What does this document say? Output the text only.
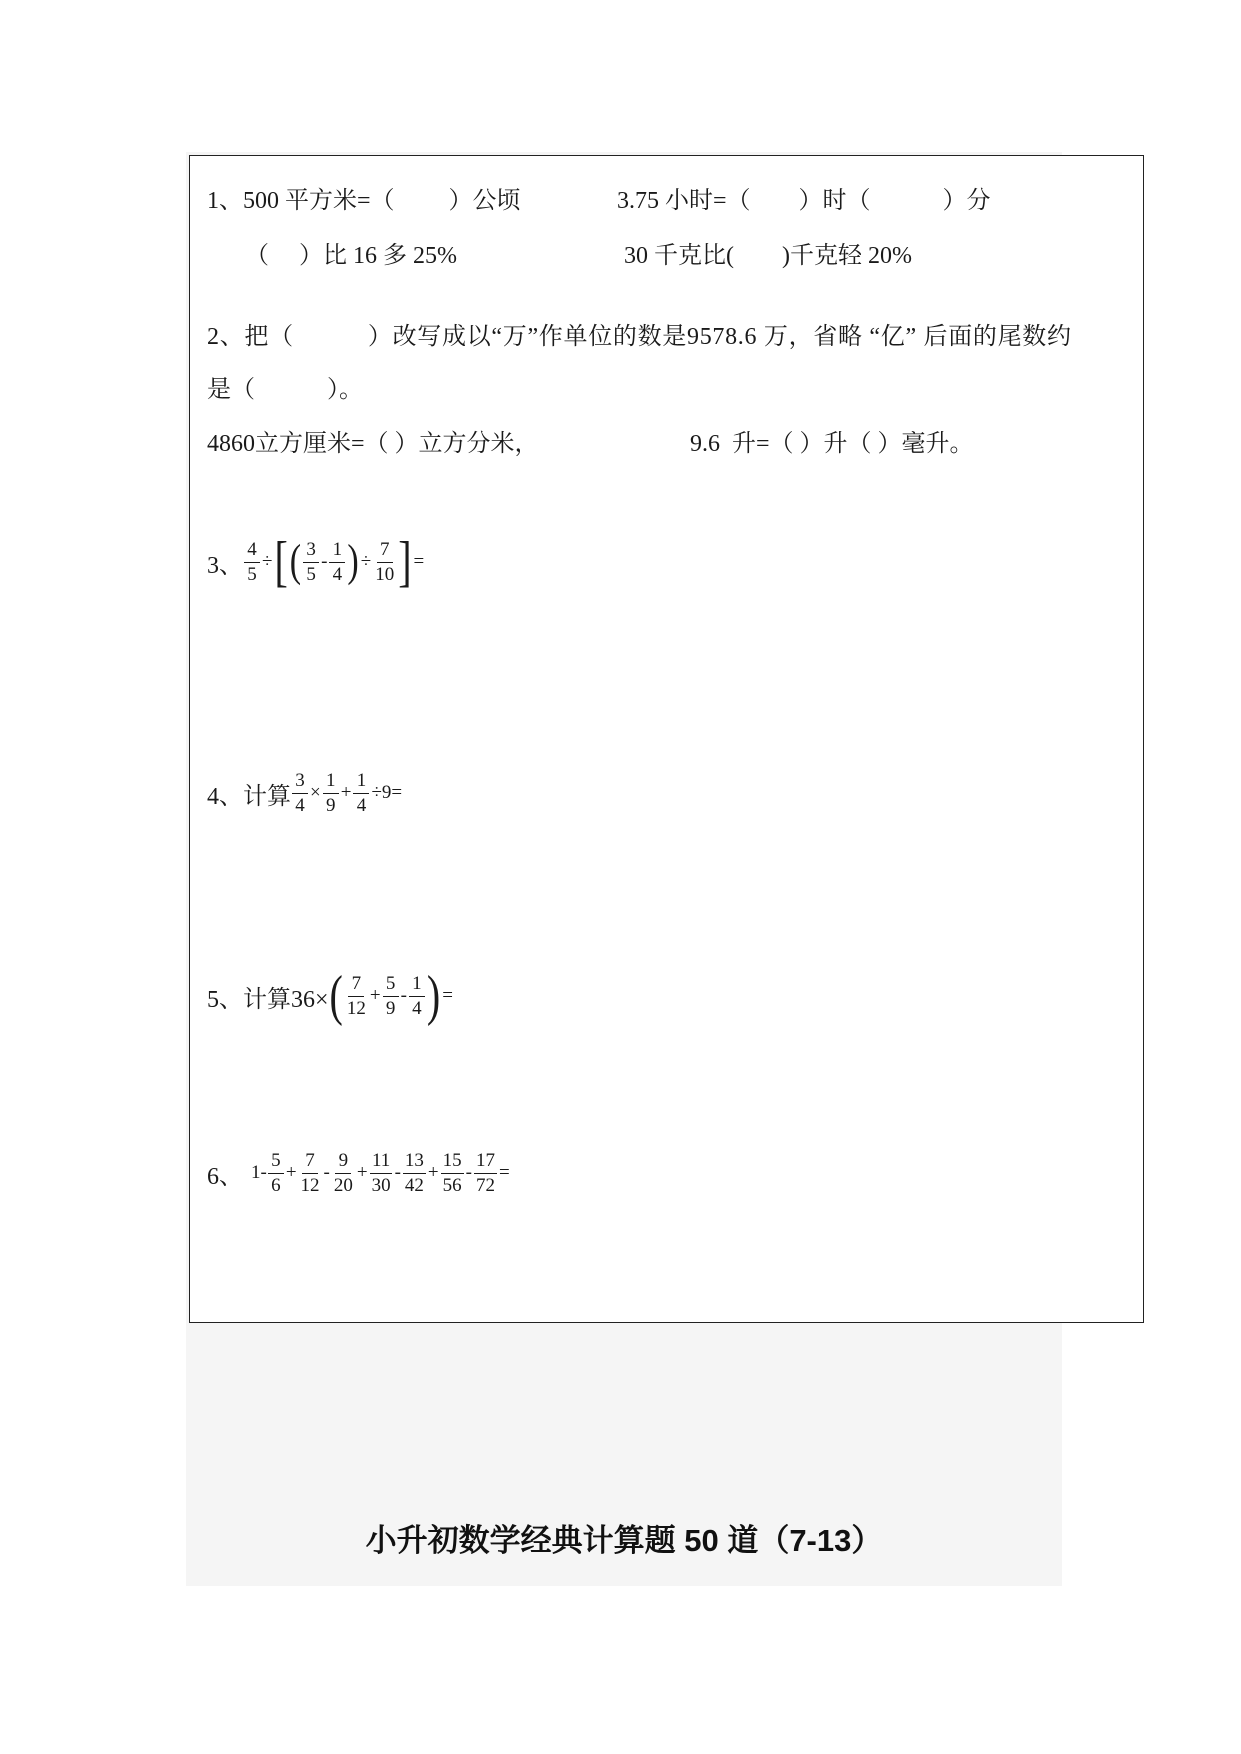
小升初数学经典计算题 50 道（7-13）
1、500 平方米=（　　 ）公顷	3.75 小时=（　　）时（　　　）分
（　 ）比 16 多 25%	30 千克比(　　)千克轻 20%
2、把（　　　）改写成以“万”作单位的数是9578.6 万，省略 “亿” 后面的尾数约
是（　　　）。
4860立方厘米=（ ）立方分米，	9.6  升=（ ）升（ ）毫升。
3、 $\frac{4}{5}$ ÷ [ ( $\frac{3}{5} - \frac{1}{4}$ ) ÷ $\frac{7}{10}$ ] =
4、计算 $\frac{3}{4} \times \frac{1}{9} + \frac{1}{4} \div 9=$
5、计算36× ( $\frac{7}{12} + \frac{5}{9} - \frac{1}{4}$ ) =
6、 $1- \frac{5}{6} + \frac{7}{12} - \frac{9}{20} + \frac{11}{30} - \frac{13}{42} + \frac{15}{56} - \frac{17}{72}$ =
